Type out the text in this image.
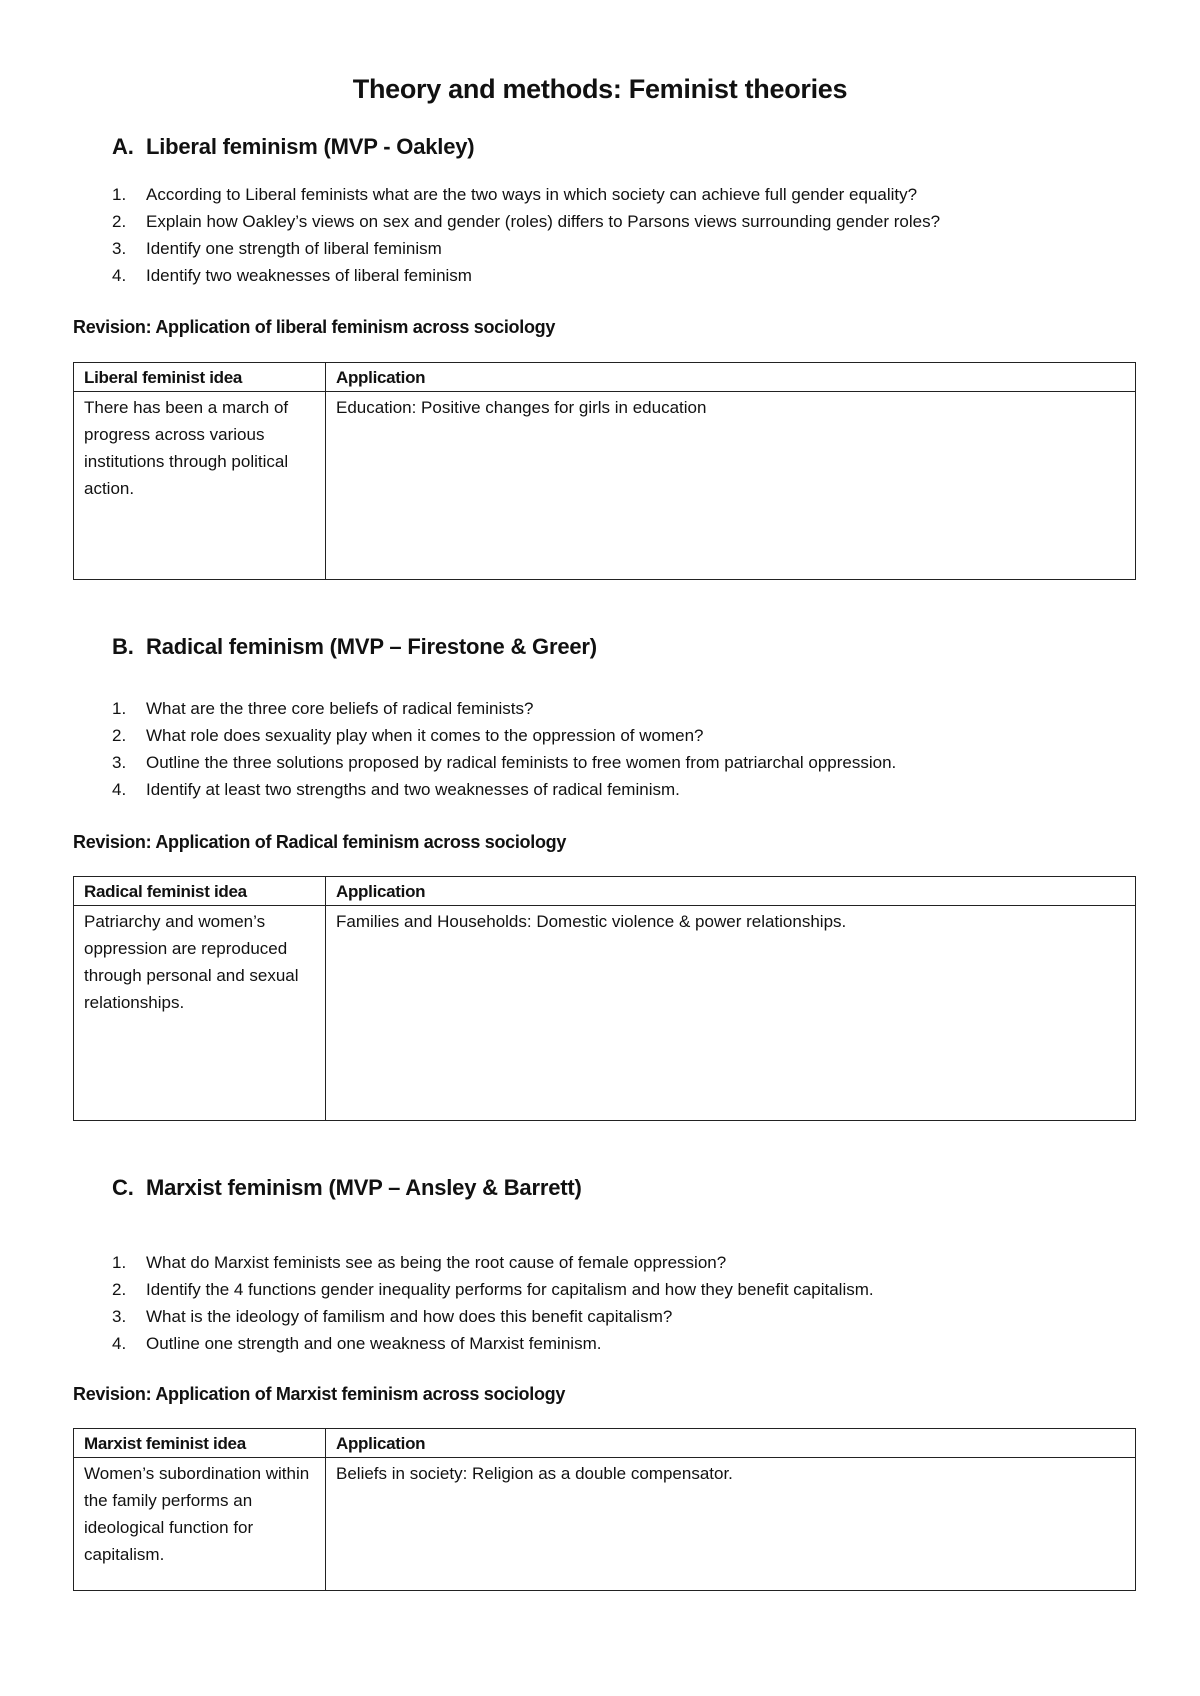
Theory and methods: Feminist theories
A. Liberal feminism (MVP - Oakley)
1. According to Liberal feminists what are the two ways in which society can achieve full gender equality?
2. Explain how Oakley’s views on sex and gender (roles) differs to Parsons views surrounding gender roles?
3. Identify one strength of liberal feminism
4. Identify two weaknesses of liberal feminism
Revision: Application of liberal feminism across sociology
Liberal feminist idea	Application
There has been a march of progress across various institutions through political action.	Education: Positive changes for girls in education
B. Radical feminism (MVP – Firestone & Greer)
1. What are the three core beliefs of radical feminists?
2. What role does sexuality play when it comes to the oppression of women?
3. Outline the three solutions proposed by radical feminists to free women from patriarchal oppression.
4. Identify at least two strengths and two weaknesses of radical feminism.
Revision: Application of Radical feminism across sociology
Radical feminist idea	Application
Patriarchy and women’s oppression are reproduced through personal and sexual relationships.	Families and Households: Domestic violence & power relationships.
C. Marxist feminism (MVP – Ansley & Barrett)
1. What do Marxist feminists see as being the root cause of female oppression?
2. Identify the 4 functions gender inequality performs for capitalism and how they benefit capitalism.
3. What is the ideology of familism and how does this benefit capitalism?
4. Outline one strength and one weakness of Marxist feminism.
Revision: Application of Marxist feminism across sociology
Marxist feminist idea	Application
Women’s subordination within the family performs an ideological function for capitalism.	Beliefs in society: Religion as a double compensator.
